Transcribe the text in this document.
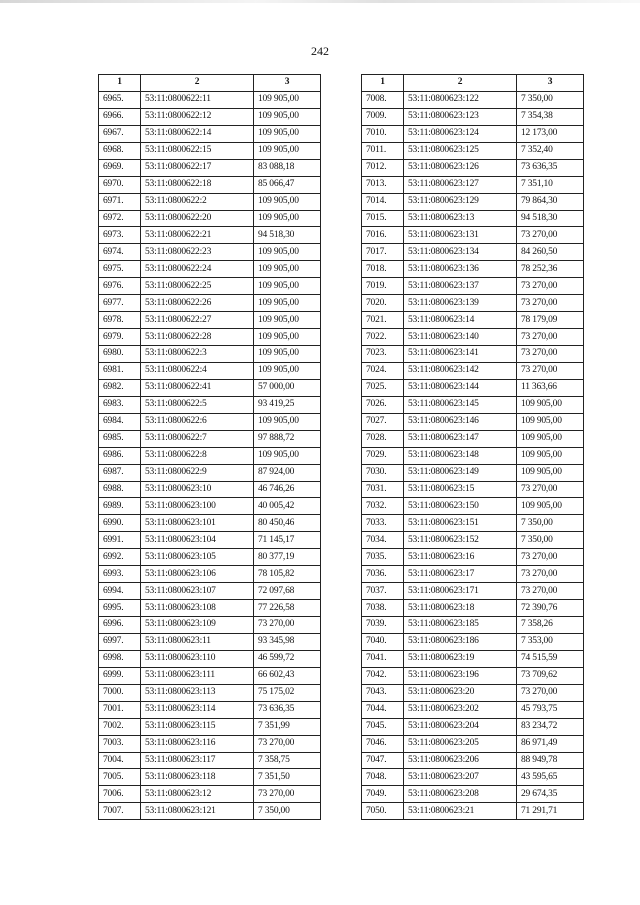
242
1	2	3
6965.	53:11:0800622:11	109 905,00
6966.	53:11:0800622:12	109 905,00
6967.	53:11:0800622:14	109 905,00
6968.	53:11:0800622:15	109 905,00
6969.	53:11:0800622:17	83 088,18
6970.	53:11:0800622:18	85 066,47
6971.	53:11:0800622:2	109 905,00
6972.	53:11:0800622:20	109 905,00
6973.	53:11:0800622:21	94 518,30
6974.	53:11:0800622:23	109 905,00
6975.	53:11:0800622:24	109 905,00
6976.	53:11:0800622:25	109 905,00
6977.	53:11:0800622:26	109 905,00
6978.	53:11:0800622:27	109 905,00
6979.	53:11:0800622:28	109 905,00
6980.	53:11:0800622:3	109 905,00
6981.	53:11:0800622:4	109 905,00
6982.	53:11:0800622:41	57 000,00
6983.	53:11:0800622:5	93 419,25
6984.	53:11:0800622:6	109 905,00
6985.	53:11:0800622:7	97 888,72
6986.	53:11:0800622:8	109 905,00
6987.	53:11:0800622:9	87 924,00
6988.	53:11:0800623:10	46 746,26
6989.	53:11:0800623:100	40 005,42
6990.	53:11:0800623:101	80 450,46
6991.	53:11:0800623:104	71 145,17
6992.	53:11:0800623:105	80 377,19
6993.	53:11:0800623:106	78 105,82
6994.	53:11:0800623:107	72 097,68
6995.	53:11:0800623:108	77 226,58
6996.	53:11:0800623:109	73 270,00
6997.	53:11:0800623:11	93 345,98
6998.	53:11:0800623:110	46 599,72
6999.	53:11:0800623:111	66 602,43
7000.	53:11:0800623:113	75 175,02
7001.	53:11:0800623:114	73 636,35
7002.	53:11:0800623:115	7 351,99
7003.	53:11:0800623:116	73 270,00
7004.	53:11:0800623:117	7 358,75
7005.	53:11:0800623:118	7 351,50
7006.	53:11:0800623:12	73 270,00
7007.	53:11:0800623:121	7 350,00
1	2	3
7008.	53:11:0800623:122	7 350,00
7009.	53:11:0800623:123	7 354,38
7010.	53:11:0800623:124	12 173,00
7011.	53:11:0800623:125	7 352,40
7012.	53:11:0800623:126	73 636,35
7013.	53:11:0800623:127	7 351,10
7014.	53:11:0800623:129	79 864,30
7015.	53:11:0800623:13	94 518,30
7016.	53:11:0800623:131	73 270,00
7017.	53:11:0800623:134	84 260,50
7018.	53:11:0800623:136	78 252,36
7019.	53:11:0800623:137	73 270,00
7020.	53:11:0800623:139	73 270,00
7021.	53:11:0800623:14	78 179,09
7022.	53:11:0800623:140	73 270,00
7023.	53:11:0800623:141	73 270,00
7024.	53:11:0800623:142	73 270,00
7025.	53:11:0800623:144	11 363,66
7026.	53:11:0800623:145	109 905,00
7027.	53:11:0800623:146	109 905,00
7028.	53:11:0800623:147	109 905,00
7029.	53:11:0800623:148	109 905,00
7030.	53:11:0800623:149	109 905,00
7031.	53:11:0800623:15	73 270,00
7032.	53:11:0800623:150	109 905,00
7033.	53:11:0800623:151	7 350,00
7034.	53:11:0800623:152	7 350,00
7035.	53:11:0800623:16	73 270,00
7036.	53:11:0800623:17	73 270,00
7037.	53:11:0800623:171	73 270,00
7038.	53:11:0800623:18	72 390,76
7039.	53:11:0800623:185	7 358,26
7040.	53:11:0800623:186	7 353,00
7041.	53:11:0800623:19	74 515,59
7042.	53:11:0800623:196	73 709,62
7043.	53:11:0800623:20	73 270,00
7044.	53:11:0800623:202	45 793,75
7045.	53:11:0800623:204	83 234,72
7046.	53:11:0800623:205	86 971,49
7047.	53:11:0800623:206	88 949,78
7048.	53:11:0800623:207	43 595,65
7049.	53:11:0800623:208	29 674,35
7050.	53:11:0800623:21	71 291,71
